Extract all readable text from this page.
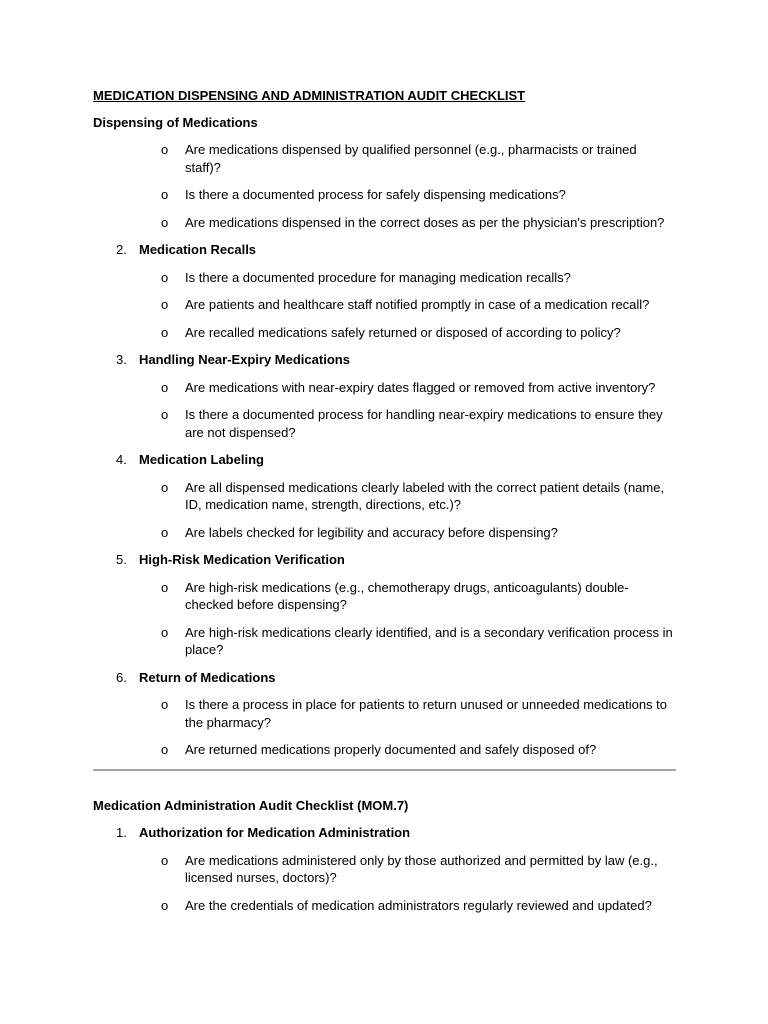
MEDICATION DISPENSING AND ADMINISTRATION AUDIT CHECKLIST
Dispensing of Medications
o	Are medications dispensed by qualified personnel (e.g., pharmacists or trained staff)?
o	Is there a documented process for safely dispensing medications?
o	Are medications dispensed in the correct doses as per the physician's prescription?
2. Medication Recalls
o	Is there a documented procedure for managing medication recalls?
o	Are patients and healthcare staff notified promptly in case of a medication recall?
o	Are recalled medications safely returned or disposed of according to policy?
3. Handling Near-Expiry Medications
o	Are medications with near-expiry dates flagged or removed from active inventory?
o	Is there a documented process for handling near-expiry medications to ensure they are not dispensed?
4. Medication Labeling
o	Are all dispensed medications clearly labeled with the correct patient details (name, ID, medication name, strength, directions, etc.)?
o	Are labels checked for legibility and accuracy before dispensing?
5. High-Risk Medication Verification
o	Are high-risk medications (e.g., chemotherapy drugs, anticoagulants) double-checked before dispensing?
o	Are high-risk medications clearly identified, and is a secondary verification process in place?
6. Return of Medications
o	Is there a process in place for patients to return unused or unneeded medications to the pharmacy?
o	Are returned medications properly documented and safely disposed of?
Medication Administration Audit Checklist (MOM.7)
1. Authorization for Medication Administration
o	Are medications administered only by those authorized and permitted by law (e.g., licensed nurses, doctors)?
o	Are the credentials of medication administrators regularly reviewed and updated?
